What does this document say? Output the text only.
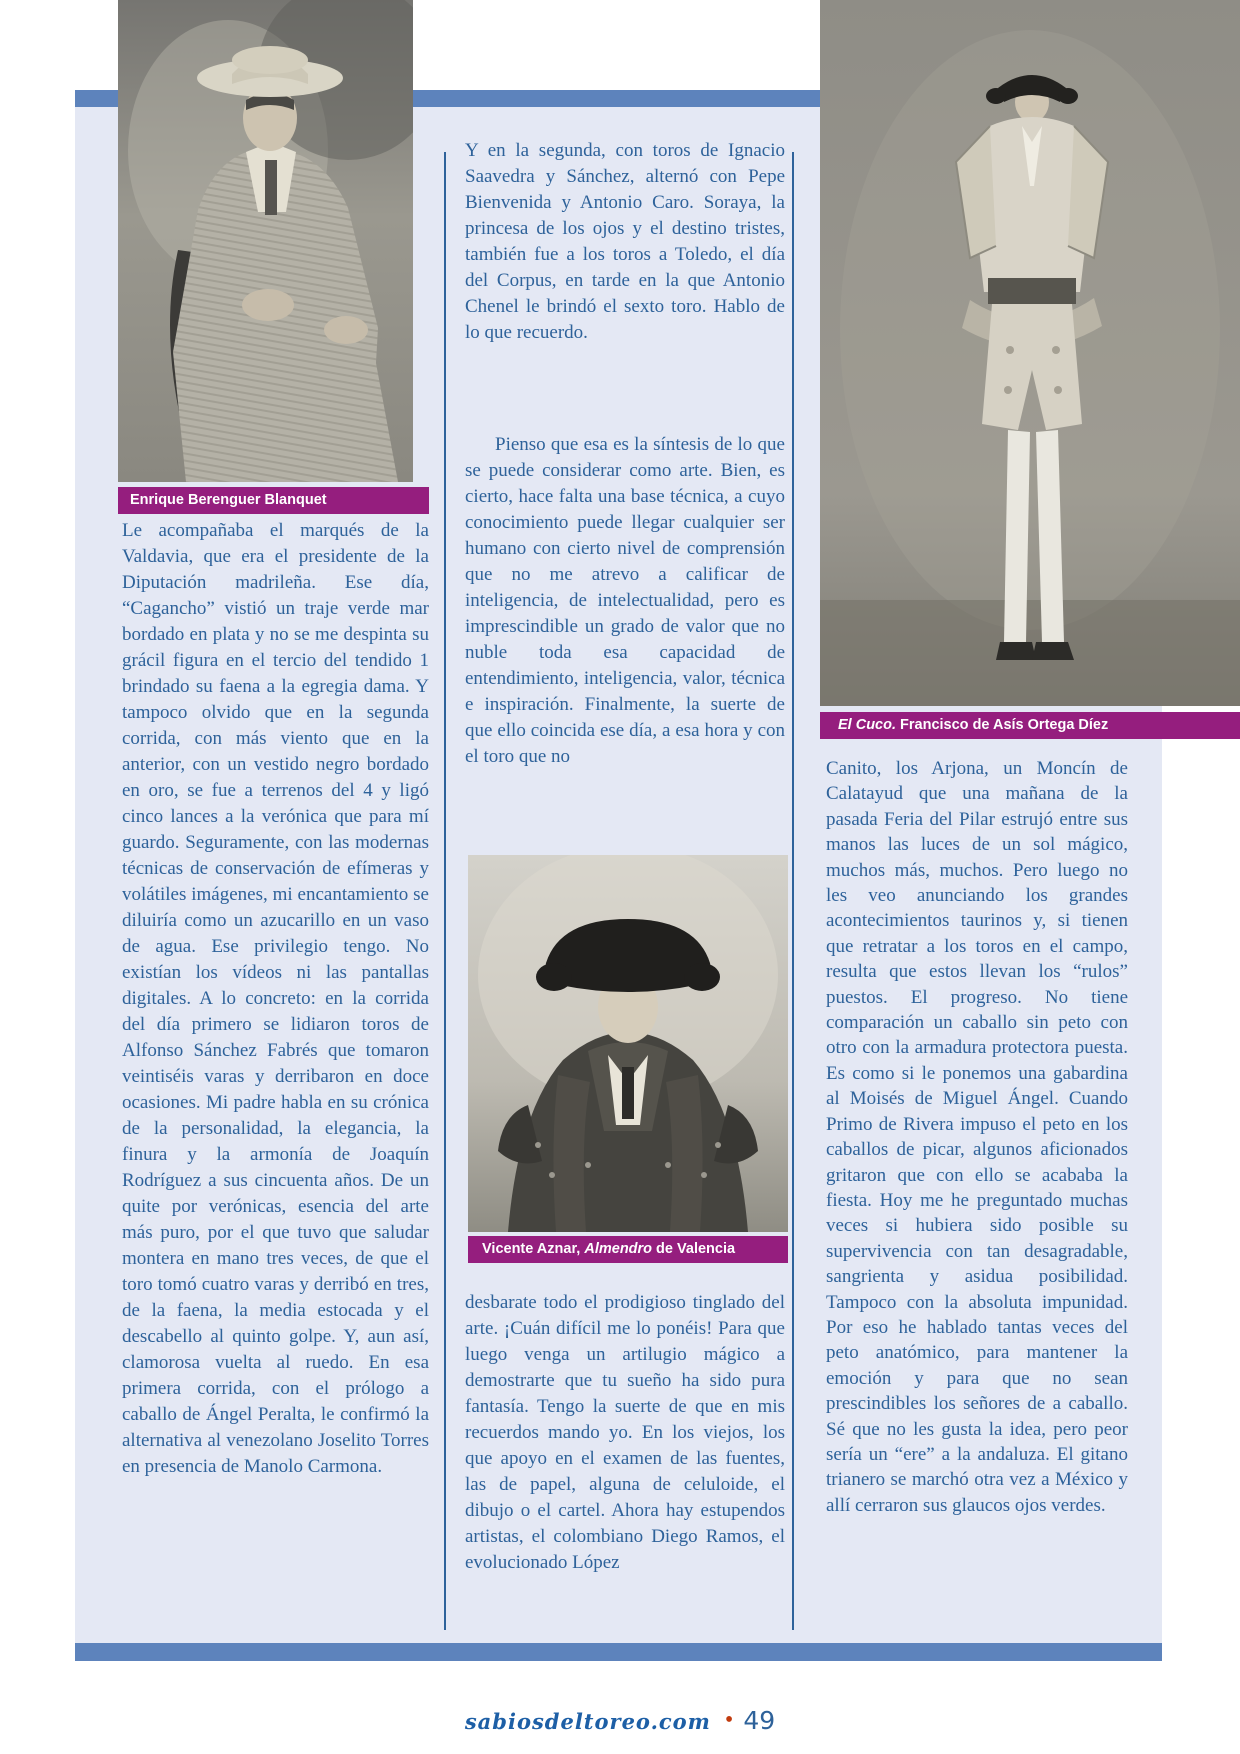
Enrique Berenguer Blanquet
El Cuco. Francisco de Asís Ortega Díez
Vicente Aznar, Almendro de Valencia

Le acompañaba el marqués de la Valdavia, que era el presidente de la Diputación madrileña. Ese día, “Cagancho” vistió un traje verde mar bordado en plata y no se me despinta su grácil figura en el tercio del tendido 1 brindado su faena a la egregia dama. Y tampoco olvido que en la segunda corrida, con más viento que en la anterior, con un vestido negro bordado en oro, se fue a terrenos del 4 y ligó cinco lances a la verónica que para mí guardo. Seguramente, con las modernas técnicas de conservación de efímeras y volátiles imágenes, mi encantamiento se diluiría como un azucarillo en un vaso de agua. Ese privilegio tengo. No existían los vídeos ni las pantallas digitales. A lo concreto: en la corrida del día primero se lidiaron toros de Alfonso Sánchez Fabrés que tomaron veintiséis varas y derribaron en doce ocasiones. Mi padre habla en su crónica de la personalidad, la elegancia, la finura y la armonía de Joaquín Rodríguez a sus cincuenta años. De un quite por verónicas, esencia del arte más puro, por el que tuvo que saludar montera en mano tres veces, de que el toro tomó cuatro varas y derribó en tres, de la faena, la media estocada y el descabello al quinto golpe. Y, aun así, clamorosa vuelta al ruedo. En esa primera corrida, con el prólogo a caballo de Ángel Peralta, le confirmó la alternativa al venezolano Joselito Torres en presencia de Manolo Carmona.

Y en la segunda, con toros de Ignacio Saavedra y Sánchez, alternó con Pepe Bienvenida y Antonio Caro. Soraya, la princesa de los ojos y el destino tristes, también fue a los toros a Toledo, el día del Corpus, en tarde en la que Antonio Chenel le brindó el sexto toro. Hablo de lo que recuerdo.

Pienso que esa es la síntesis de lo que se puede considerar como arte. Bien, es cierto, hace falta una base técnica, a cuyo conocimiento puede llegar cualquier ser humano con cierto nivel de comprensión que no me atrevo a calificar de inteligencia, de intelectualidad, pero es imprescindible un grado de valor que no nuble toda esa capacidad de entendimiento, inteligencia, valor, técnica e inspiración. Finalmente, la suerte de que ello coincida ese día, a esa hora y con el toro que no

desbarate todo el prodigioso tinglado del arte. ¡Cuán difícil me lo ponéis! Para que luego venga un artilugio mágico a demostrarte que tu sueño ha sido pura fantasía. Tengo la suerte de que en mis recuerdos mando yo. En los viejos, los que apoyo en el examen de las fuentes, las de papel, alguna de celuloide, el dibujo o el cartel. Ahora hay estupendos artistas, el colombiano Diego Ramos, el evolucionado López

Canito, los Arjona, un Moncín de Calatayud que una mañana de la pasada Feria del Pilar estrujó entre sus manos las luces de un sol mágico, muchos más, muchos. Pero luego no les veo anunciando los grandes acontecimientos taurinos y, si tienen que retratar a los toros en el campo, resulta que estos llevan los “rulos” puestos. El progreso. No tiene comparación un caballo sin peto con otro con la armadura protectora puesta. Es como si le ponemos una gabardina al Moisés de Miguel Ángel. Cuando Primo de Rivera impuso el peto en los caballos de picar, algunos aficionados gritaron que con ello se acababa la fiesta. Hoy me he preguntado muchas veces si hubiera sido posible su supervivencia con tan desagradable, sangrienta y asidua posibilidad. Tampoco con la absoluta impunidad. Por eso he hablado tantas veces del peto anatómico, para mantener la emoción y para que no sean prescindibles los señores de a caballo. Sé que no les gusta la idea, pero peor sería un “ere” a la andaluza. El gitano trianero se marchó otra vez a México y allí cerraron sus glaucos ojos verdes.

sabiosdeltoreo.com • 49
